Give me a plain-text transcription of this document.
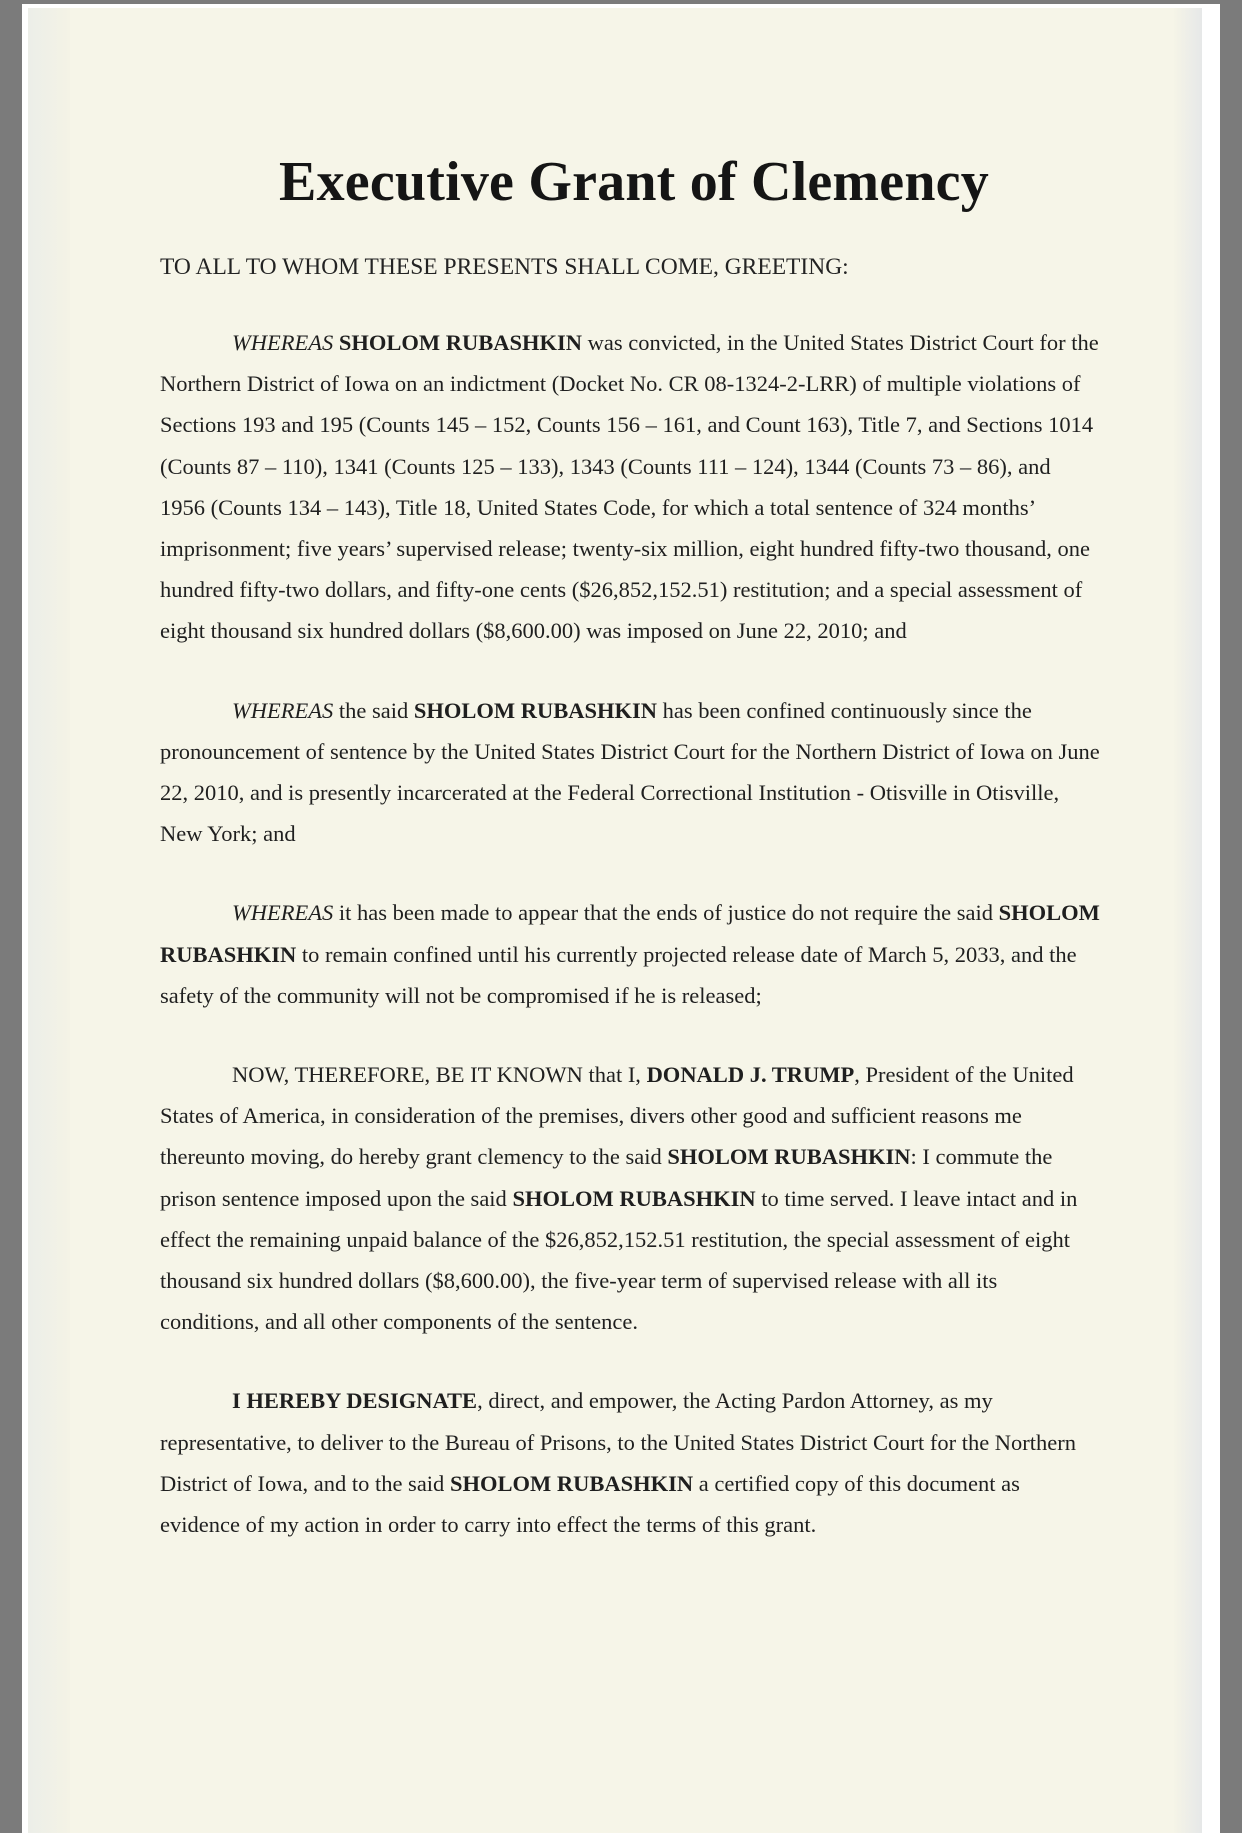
Executive Grant of Clemency
TO ALL TO WHOM THESE PRESENTS SHALL COME, GREETING:

WHEREAS SHOLOM RUBASHKIN was convicted, in the United States District Court for the Northern District of Iowa on an indictment (Docket No. CR 08-1324-2-LRR) of multiple violations of Sections 193 and 195 (Counts 145 – 152, Counts 156 – 161, and Count 163), Title 7, and Sections 1014 (Counts 87 – 110), 1341 (Counts 125 – 133), 1343 (Counts 111 – 124), 1344 (Counts 73 – 86), and 1956 (Counts 134 – 143), Title 18, United States Code, for which a total sentence of 324 months’ imprisonment; five years’ supervised release; twenty-six million, eight hundred fifty-two thousand, one hundred fifty-two dollars, and fifty-one cents ($26,852,152.51) restitution; and a special assessment of eight thousand six hundred dollars ($8,600.00) was imposed on June 22, 2010; and

WHEREAS the said SHOLOM RUBASHKIN has been confined continuously since the pronouncement of sentence by the United States District Court for the Northern District of Iowa on June 22, 2010, and is presently incarcerated at the Federal Correctional Institution - Otisville in Otisville, New York; and

WHEREAS it has been made to appear that the ends of justice do not require the said SHOLOM RUBASHKIN to remain confined until his currently projected release date of March 5, 2033, and the safety of the community will not be compromised if he is released;

NOW, THEREFORE, BE IT KNOWN that I, DONALD J. TRUMP, President of the United States of America, in consideration of the premises, divers other good and sufficient reasons me thereunto moving, do hereby grant clemency to the said SHOLOM RUBASHKIN: I commute the prison sentence imposed upon the said SHOLOM RUBASHKIN to time served. I leave intact and in effect the remaining unpaid balance of the $26,852,152.51 restitution, the special assessment of eight thousand six hundred dollars ($8,600.00), the five-year term of supervised release with all its conditions, and all other components of the sentence.

I HEREBY DESIGNATE, direct, and empower, the Acting Pardon Attorney, as my representative, to deliver to the Bureau of Prisons, to the United States District Court for the Northern District of Iowa, and to the said SHOLOM RUBASHKIN a certified copy of this document as evidence of my action in order to carry into effect the terms of this grant.
